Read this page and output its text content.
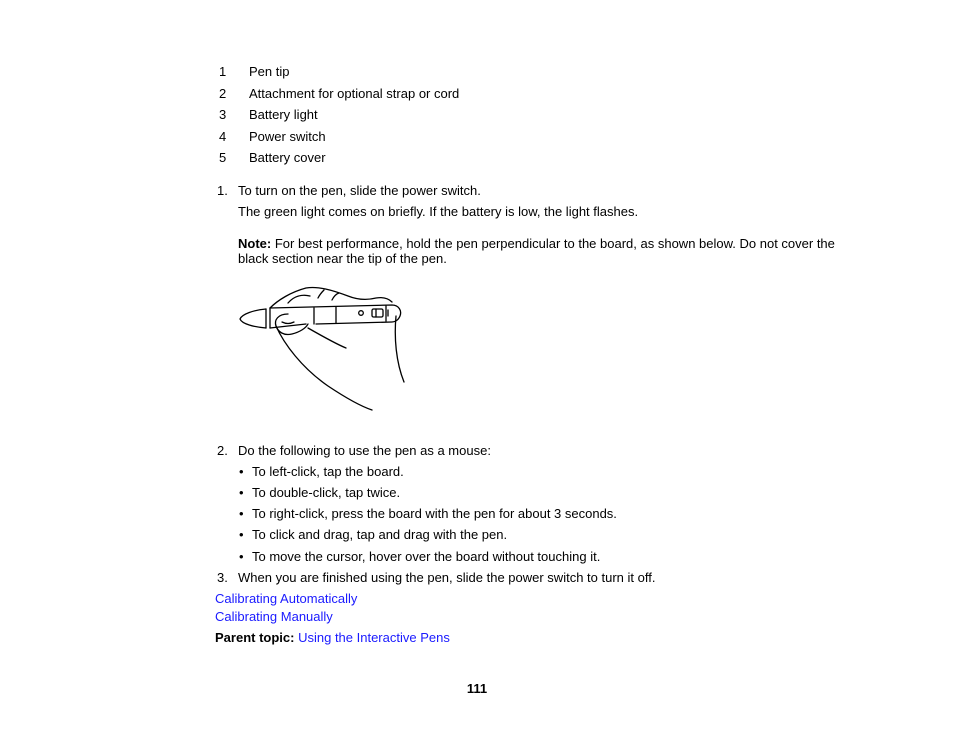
1	Pen tip
2	Attachment for optional strap or cord
3	Battery light
4	Power switch
5	Battery cover
1. To turn on the pen, slide the power switch.
The green light comes on briefly. If the battery is low, the light flashes.
Note: For best performance, hold the pen perpendicular to the board, as shown below. Do not cover the black section near the tip of the pen.
2. Do the following to use the pen as a mouse:
• To left-click, tap the board.
• To double-click, tap twice.
• To right-click, press the board with the pen for about 3 seconds.
• To click and drag, tap and drag with the pen.
• To move the cursor, hover over the board without touching it.
3. When you are finished using the pen, slide the power switch to turn it off.
Calibrating Automatically
Calibrating Manually
Parent topic: Using the Interactive Pens
111
